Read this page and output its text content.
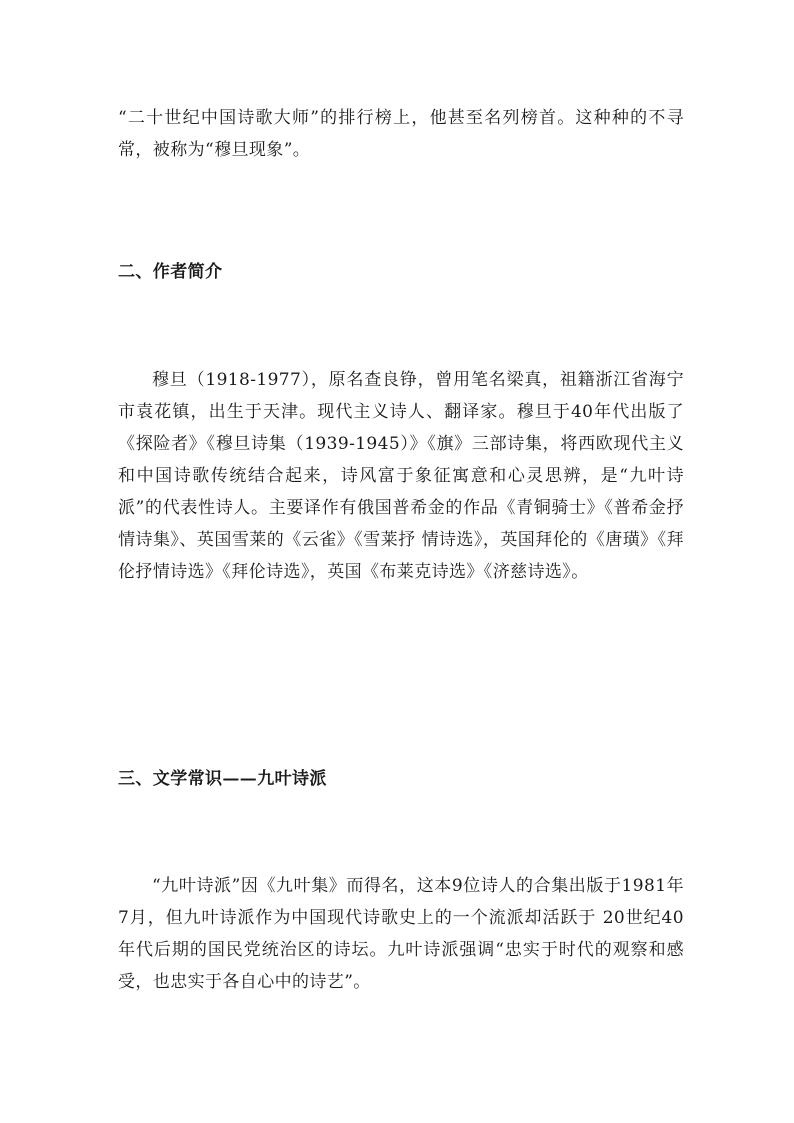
“二十世纪中国诗歌大师”的排行榜上，他甚至名列榜首。这种种的不寻常，被称为“穆旦现象”。

二、作者简介

穆旦（1918-1977），原名查良铮，曾用笔名梁真，祖籍浙江省海宁市袁花镇，出生于天津。现代主义诗人、翻译家。穆旦于40年代出版了《探险者》《穆旦诗集（1939-1945）》《旗》三部诗集，将西欧现代主义和中国诗歌传统结合起来，诗风富于象征寓意和心灵思辨，是“九叶诗派”的代表性诗人。主要译作有俄国普希金的作品《青铜骑士》《普希金抒情诗集》、英国雪莱的《云雀》《雪莱抒 情诗选》，英国拜伦的《唐璜》《拜伦抒情诗选》《拜伦诗选》，英国《布莱克诗选》《济慈诗选》。

三、文学常识——九叶诗派

“九叶诗派”因《九叶集》而得名，这本9位诗人的合集出版于1981年7月，但九叶诗派作为中国现代诗歌史上的一个流派却活跃于 20世纪40年代后期的国民党统治区的诗坛。九叶诗派强调“忠实于时代的观察和感受，也忠实于各自心中的诗艺”。
